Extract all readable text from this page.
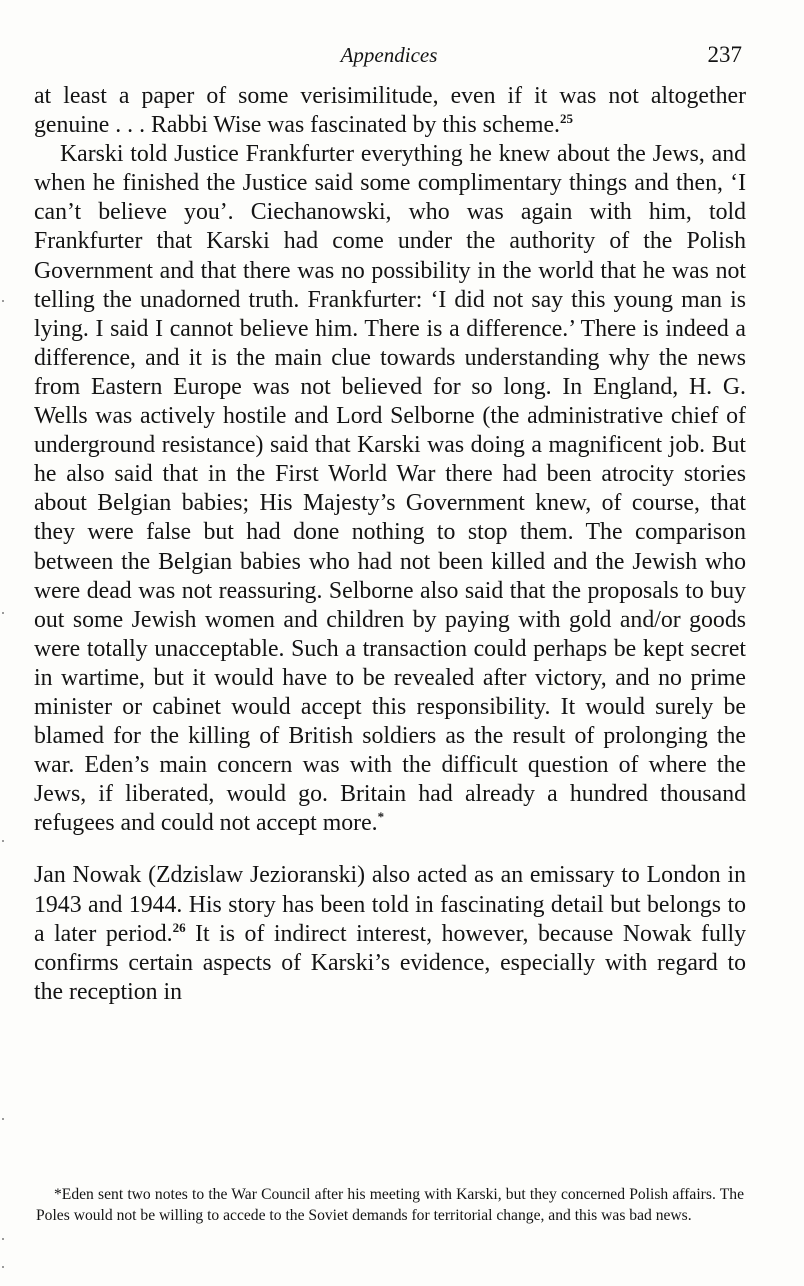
Appendices	237

at least a paper of some verisimilitude, even if it was not altogether genuine . . . Rabbi Wise was fascinated by this scheme.$^{25}$

Karski told Justice Frankfurter everything he knew about the Jews, and when he finished the Justice said some complimentary things and then, ‘I can’t believe you’. Ciechanowski, who was again with him, told Frankfurter that Karski had come under the authority of the Polish Government and that there was no possibility in the world that he was not telling the unadorned truth. Frankfurter: ‘I did not say this young man is lying. I said I cannot believe him. There is a difference.’ There is indeed a difference, and it is the main clue towards understanding why the news from Eastern Europe was not believed for so long. In England, H. G. Wells was actively hostile and Lord Selborne (the administrative chief of underground resistance) said that Karski was doing a magnificent job. But he also said that in the First World War there had been atrocity stories about Belgian babies; His Majesty’s Government knew, of course, that they were false but had done nothing to stop them. The comparison between the Belgian babies who had not been killed and the Jewish who were dead was not reassuring. Selborne also said that the proposals to buy out some Jewish women and children by paying with gold and/or goods were totally unacceptable. Such a transaction could perhaps be kept secret in wartime, but it would have to be revealed after victory, and no prime minister or cabinet would accept this responsibility. It would surely be blamed for the killing of British soldiers as the result of prolonging the war. Eden’s main concern was with the difficult question of where the Jews, if liberated, would go. Britain had already a hundred thousand refugees and could not accept more.*

Jan Nowak (Zdzislaw Jezioranski) also acted as an emissary to London in 1943 and 1944. His story has been told in fascinating detail but belongs to a later period.$^{26}$ It is of indirect interest, however, because Nowak fully confirms certain aspects of Karski’s evidence, especially with regard to the reception in

*Eden sent two notes to the War Council after his meeting with Karski, but they concerned Polish affairs. The Poles would not be willing to accede to the Soviet demands for territorial change, and this was bad news.
